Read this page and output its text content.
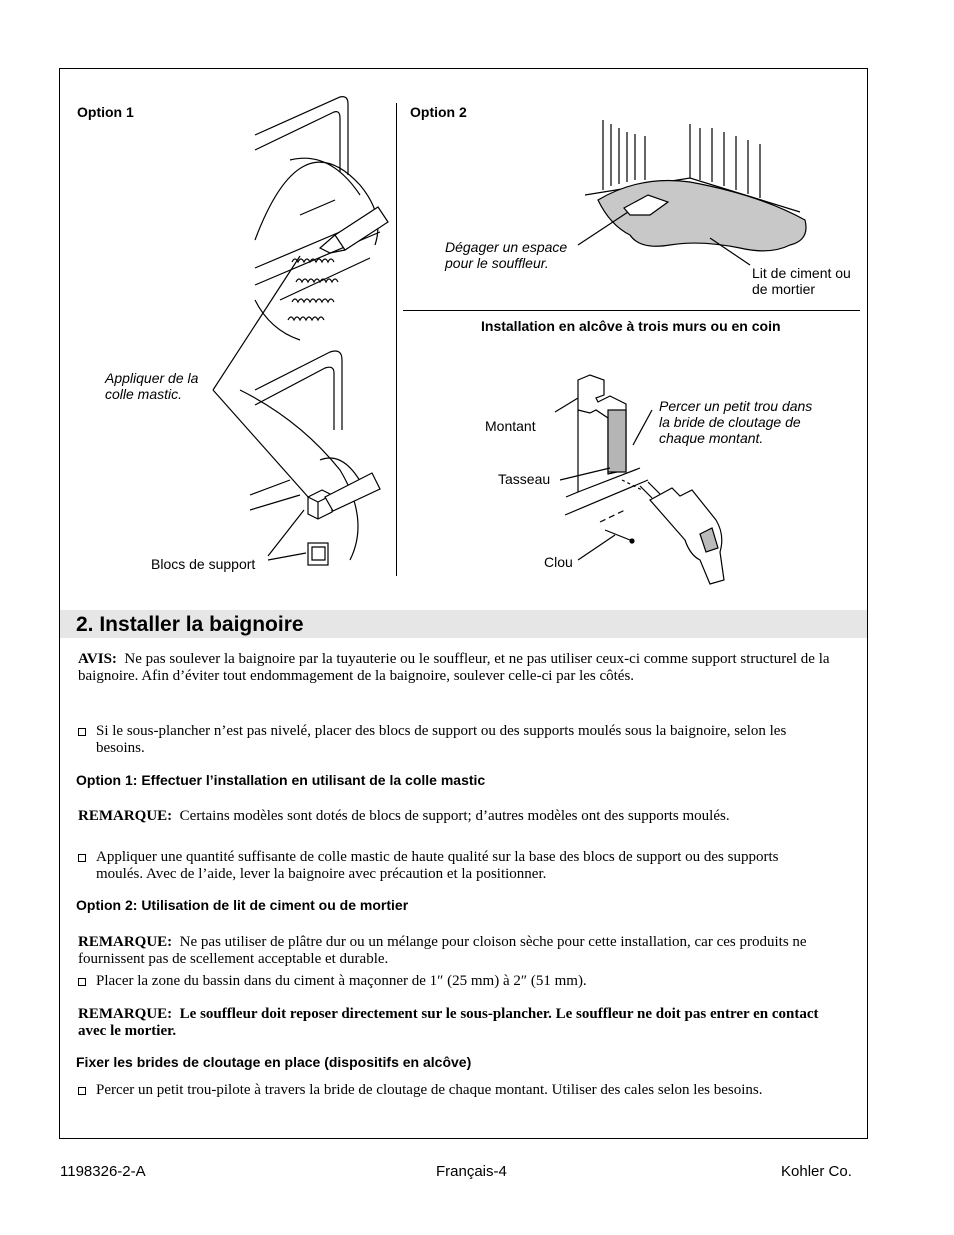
Option 1	Option 2
Appliquer de la
colle mastic.
Blocs de support
Dégager un espace
pour le souffleur.
Lit de ciment ou
de mortier
Installation en alcôve à trois murs ou en coin
Montant
Tasseau
Clou
Percer un petit trou dans
la bride de cloutage de
chaque montant.
2. Installer la baignoire
AVIS: Ne pas soulever la baignoire par la tuyauterie ou le souffleur, et ne pas utiliser ceux-ci comme support structurel de la baignoire. Afin d’éviter tout endommagement de la baignoire, soulever celle-ci par les côtés.
Si le sous-plancher n’est pas nivelé, placer des blocs de support ou des supports moulés sous la baignoire, selon les besoins.
Option 1: Effectuer l’installation en utilisant de la colle mastic
REMARQUE: Certains modèles sont dotés de blocs de support; d’autres modèles ont des supports moulés.
Appliquer une quantité suffisante de colle mastic de haute qualité sur la base des blocs de support ou des supports moulés. Avec de l’aide, lever la baignoire avec précaution et la positionner.
Option 2: Utilisation de lit de ciment ou de mortier
REMARQUE: Ne pas utiliser de plâtre dur ou un mélange pour cloison sèche pour cette installation, car ces produits ne fournissent pas de scellement acceptable et durable.
Placer la zone du bassin dans du ciment à maçonner de 1″ (25 mm) à 2″ (51 mm).
REMARQUE: Le souffleur doit reposer directement sur le sous-plancher. Le souffleur ne doit pas entrer en contact avec le mortier.
Fixer les brides de cloutage en place (dispositifs en alcôve)
Percer un petit trou-pilote à travers la bride de cloutage de chaque montant. Utiliser des cales selon les besoins.
1198326-2-A	Français-4	Kohler Co.
